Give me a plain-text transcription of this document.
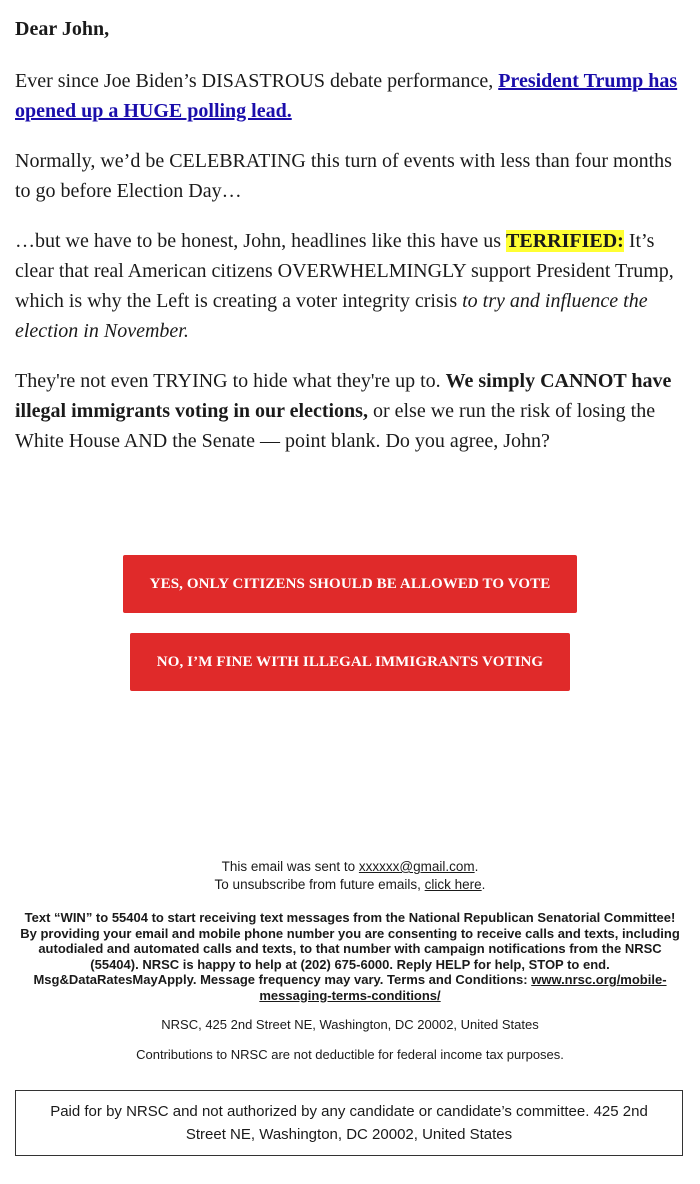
Dear John,

Ever since Joe Biden’s DISASTROUS debate performance, President Trump has opened up a HUGE polling lead.

Normally, we’d be CELEBRATING this turn of events with less than four months to go before Election Day…

…but we have to be honest, John, headlines like this have us TERRIFIED: It’s clear that real American citizens OVERWHELMINGLY support President Trump, which is why the Left is creating a voter integrity crisis to try and influence the election in November.

They're not even TRYING to hide what they're up to. We simply CANNOT have illegal immigrants voting in our elections, or else we run the risk of losing the White House AND the Senate — point blank. Do you agree, John?

YES, ONLY CITIZENS SHOULD BE ALLOWED TO VOTE
NO, I’M FINE WITH ILLEGAL IMMIGRANTS VOTING

This email was sent to xxxxxx@gmail.com.

To unsubscribe from future emails, click here.

Text “WIN” to 55404 to start receiving text messages from the National Republican Senatorial Committee! By providing your email and mobile phone number you are consenting to receive calls and texts, including autodialed and automated calls and texts, to that number with campaign notifications from the NRSC (55404). NRSC is happy to help at (202) 675-6000. Reply HELP for help, STOP to end. Msg&DataRatesMayApply. Message frequency may vary. Terms and Conditions: www.nrsc.org/mobile-messaging-terms-conditions/

NRSC, 425 2nd Street NE, Washington, DC 20002, United States

Contributions to NRSC are not deductible for federal income tax purposes.

Paid for by NRSC and not authorized by any candidate or candidate’s committee. 425 2nd Street NE, Washington, DC 20002, United States
